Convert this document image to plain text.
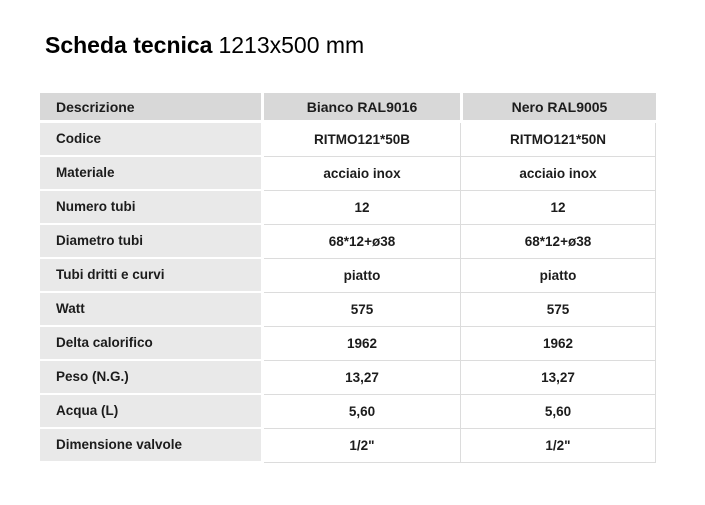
Scheda tecnica 1213x500 mm
Descrizione	Bianco RAL9016	Nero RAL9005
Codice	RITMO121*50B	RITMO121*50N
Materiale	acciaio inox	acciaio inox
Numero tubi	12	12
Diametro tubi	68*12+ø38	68*12+ø38
Tubi dritti e curvi	piatto	piatto
Watt	575	575
Delta calorifico	1962	1962
Peso (N.G.)	13,27	13,27
Acqua (L)	5,60	5,60
Dimensione valvole	1/2"	1/2"
